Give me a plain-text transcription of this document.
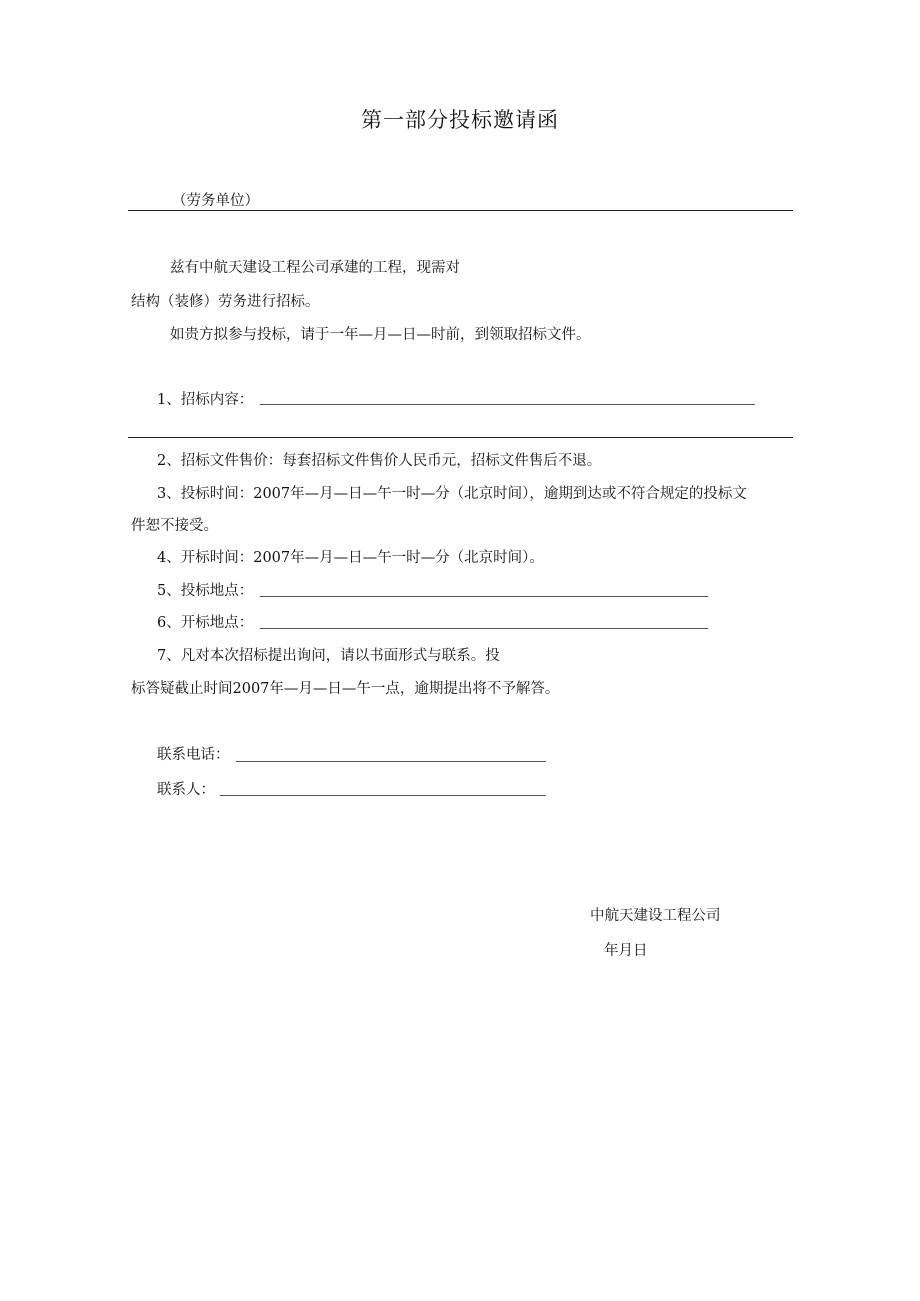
第一部分投标邀请函
（劳务单位）
兹有中航天建设工程公司承建的工程，现需对
结构（装修）劳务进行招标。
如贵方拟参与投标，请于一年—月—日—时前，到领取招标文件。
1、招标内容：
2、招标文件售价：每套招标文件售价人民币元，招标文件售后不退。
3、投标时间：2007年—月—日—午一时—分（北京时间），逾期到达或不符合规定的投标文
件恕不接受。
4、开标时间：2007年—月—日—午一时—分（北京时间）。
5、投标地点：
6、开标地点：
7、凡对本次招标提出询问，请以书面形式与联系。投
标答疑截止时间2007年—月—日—午一点，逾期提出将不予解答。
联系电话：
联系人：
中航天建设工程公司
年月日
